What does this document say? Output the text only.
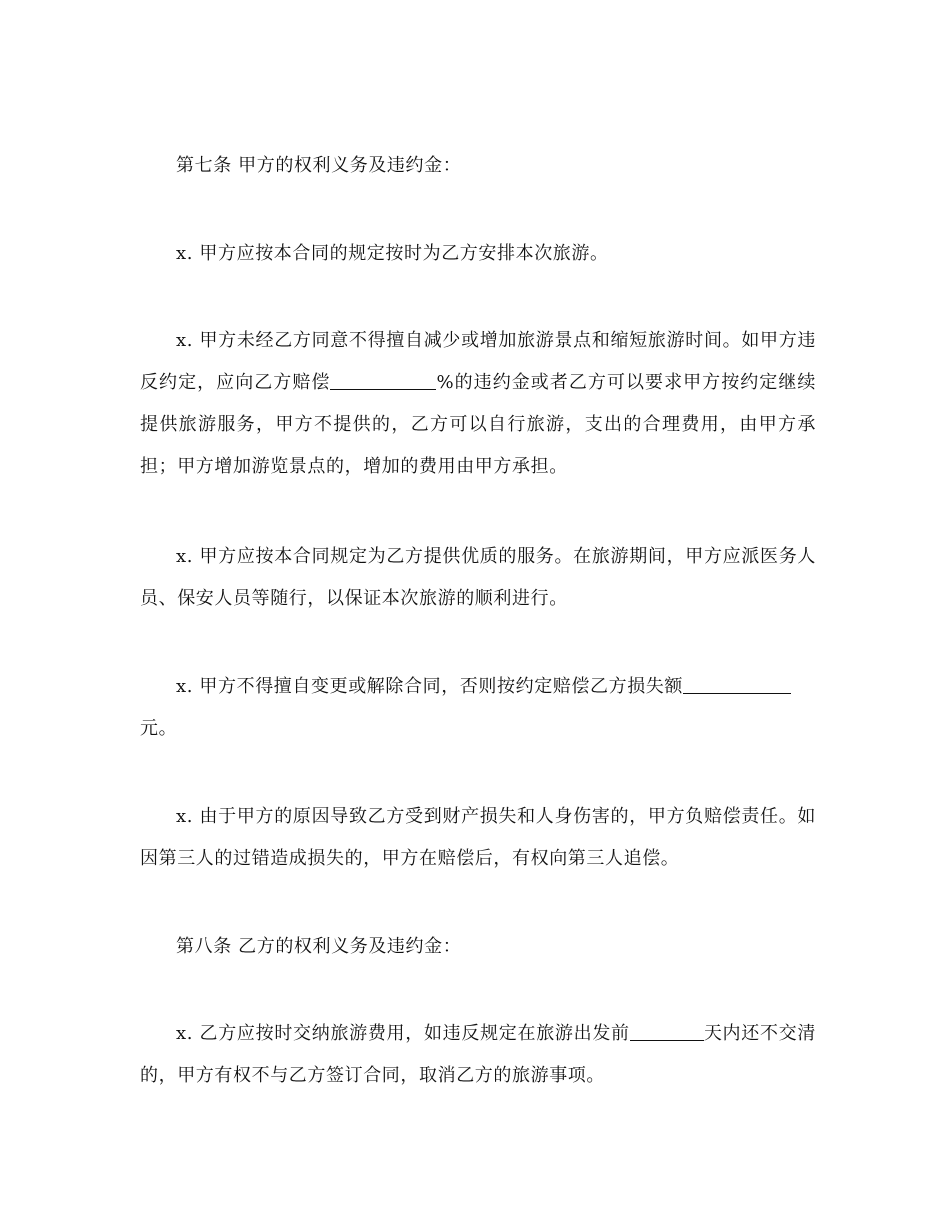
第七条 甲方的权利义务及违约金：

x. 甲方应按本合同的规定按时为乙方安排本次旅游。

x. 甲方未经乙方同意不得擅自减少或增加旅游景点和缩短旅游时间。如甲方违反约定，应向乙方赔偿	%的违约金或者乙方可以要求甲方按约定继续提供旅游服务，甲方不提供的，乙方可以自行旅游，支出的合理费用，由甲方承担；甲方增加游览景点的，增加的费用由甲方承担。

x. 甲方应按本合同规定为乙方提供优质的服务。在旅游期间，甲方应派医务人员、保安人员等随行，以保证本次旅游的顺利进行。

x. 甲方不得擅自变更或解除合同，否则按约定赔偿乙方损失额
元。

x. 由于甲方的原因导致乙方受到财产损失和人身伤害的，甲方负赔偿责任。如因第三人的过错造成损失的，甲方在赔偿后，有权向第三人追偿。

第八条 乙方的权利义务及违约金：

x. 乙方应按时交纳旅游费用，如违反规定在旅游出发前	天内还不交清的，甲方有权不与乙方签订合同，取消乙方的旅游事项。
